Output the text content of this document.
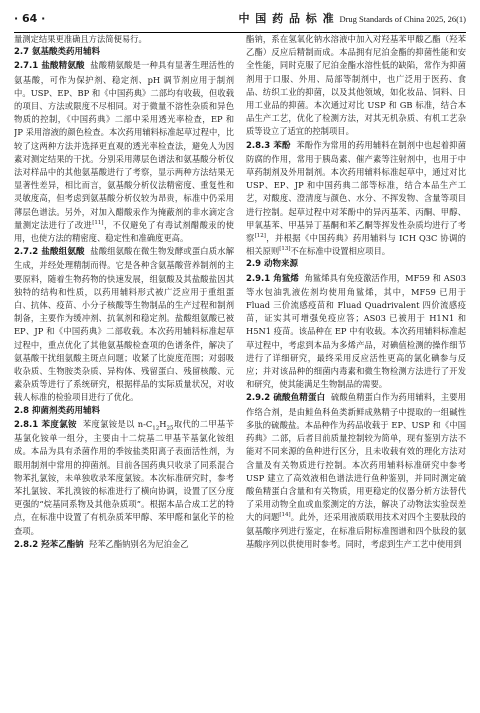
· 64 ·	中 国 药 品 标 准 Drug Standards of China 2025, 26(1)

量测定结果更准确且方法简便易行。

2.7 氨基酸类药用辅料

2.7.1 盐酸精氨酸 盐酸精氨酸是一种具有显著生理活性的氨基酸，可作为保护剂、稳定剂、pH 调节剂应用于制剂中。USP、EP、BP 和《中国药典》二部均有收载，但收载的项目、方法或限度不尽相同。对于微量不溶性杂质和异色物质的控制，《中国药典》二部中采用透光率检查，EP 和 JP 采用溶液的颜色检查。本次药用辅料标准起草过程中，比较了这两种方法并选择更直观的透光率检查法，避免人为因素对测定结果的干扰。分别采用薄层色谱法和氨基酸分析仪法对样品中的其他氨基酸进行了考察，显示两种方法结果无显著性差异，相比而言，氨基酸分析仪法精密度、重复性和灵敏度高，但考虑到氨基酸分析仪较为昂贵，标准中仍采用薄层色谱法。另外，对加入醋酸汞作为掩蔽剂的非水滴定含量测定法进行了改进[11]，不仅避免了有毒试剂醋酸汞的使用，也使方法的精密度、稳定性和准确度更高。

2.7.2 盐酸组氨酸 盐酸组氨酸在微生物发酵或蛋白质水解生成，并经处理精制而得。它是各种含氨基酸营养制剂的主要原料，随着生物药物的快速发展，组氨酸及其盐酸盐因其独特的结构和性质，以药用辅料形式被广泛应用于重组蛋白、抗体、疫苗、小分子核酸等生物制品的生产过程和制剂制备，主要作为缓冲剂、抗氧剂和稳定剂。盐酸组氨酸已被 EP、JP 和《中国药典》二部收载。本次药用辅料标准起草过程中，重点优化了其他氨基酸检查项的色谱条件，解决了氨基酸干扰组氨酸主斑点问题；收紧了比旋度范围；对弱吸收杂质、生物胺类杂质、异构体、残留蛋白、残留核酸、元素杂质等进行了系统研究，根据样品的实际质量状况，对收载人标准的检验项目进行了优化。

2.8 抑菌剂类药用辅料

2.8.1 苯度氯铵 苯度氯铵是以 $n-C_{12}H_{25}$取代的二甲基苄基氯化铵单一组分，主要由十二烷基二甲基苄基氯化铵组成。本品为具有杀菌作用的季铵盐类阳离子表面活性剂，为眼用制剂中常用的抑菌剂。目前各国药典只收录了同系混合物苯扎氯铵，未单独收录苯度氯铵。本次标准研究时，参考苯扎氯铵、苯扎溴铵的标准进行了横向协调，设置了区分度更强的“烷基同系物及其他杂质项”。根据本品合成工艺的特点，在标准中设置了有机杂质苯甲醇、苯甲醛和氯化苄的检查项。

2.8.2 羟苯乙酯钠 羟苯乙酯钠别名为尼泊金乙

酯钠，系在氢氧化钠水溶液中加入对羟基苯甲酸乙酯（羟苯乙酯）反应后精制而成。本品拥有尼泊金酯的抑菌性能和安全性能，同时克服了尼泊金酯水溶性低的缺陷，常作为抑菌剂用于口服、外用、局部等制剂中，也广泛用于医药、食品、纺织工业的抑菌，以及其他领域，如化妆品、饲料、日用工业品的抑菌。本次通过对比 USP 和 GB 标准，结合本品生产工艺，优化了检测方法，对其无机杂质、有机工艺杂质等设立了适宜的控制项目。

2.8.3 苯酚 苯酚作为常用的药用辅料在制剂中也起着抑菌防腐的作用，常用于胰岛素、催产素等注射剂中，也用于中草药制剂及外用制剂。本次药用辅料标准起草中，通过对比 USP、EP、JP 和中国药典二部等标准，结合本品生产工艺，对酸度、澄清度与颜色、水分、不挥发物、含量等项目进行控制。起草过程中对苯酚中的异丙基苯、丙酮、甲醇、甲氧基苯、甲基异丁基酮和苯乙酮等挥发性杂质均进行了考察[12]，并根据《中国药典》药用辅料与 ICH Q3C 协调的相关原则[13]不在标准中设置相应项目。

2.9 动物来源

2.9.1 角鲨烯 角鲨烯具有免疫激活作用，MF59 和 AS03 等水包油乳液佐剂均使用角鲨烯，其中，MF59 已用于 Fluad 三价流感疫苗和 Fluad Quadrivalent 四价流感疫苗，证实其可增强免疫应答；AS03 已被用于 H1N1 和 H5N1 疫苗。该品种在 EP 中有收载。本次药用辅料标准起草过程中，考虑到本品为多烯产品，对碘值检测的操作细节进行了详细研究，最终采用反应活性更高的氯化碘参与反应；并对该品种的细菌内毒素和微生物检测方法进行了开发和研究，使其能满足生物制品的需要。

2.9.2 硫酸鱼精蛋白 硫酸鱼精蛋白作为药用辅料，主要用作络合剂，是由鲑鱼科鱼类新鲜成熟精子中提取的一组碱性多肽的硫酸盐。本品种作为药品收载于 EP、USP 和《中国药典》二部，后者目前质量控制较为简单，现有鉴别方法不能对不同来源的鱼种进行区分，且未收载有效的理化方法对含量及有关物质进行控制。本次药用辅料标准研究中参考 USP 建立了高效液相色谱法进行鱼种鉴别，并同时测定硫酸鱼精蛋白含量和有关物质，用更稳定的仪器分析方法替代了采用动物全血或血浆测定的方法，解决了动物法实验误差大的问题[14]。此外，还采用液质联用技术对四个主要肽段的氨基酸序列进行鉴定，在标准后附标准图谱和四个肽段的氨基酸序列以供使用时参考。同时，考虑到生产工艺中使用到
